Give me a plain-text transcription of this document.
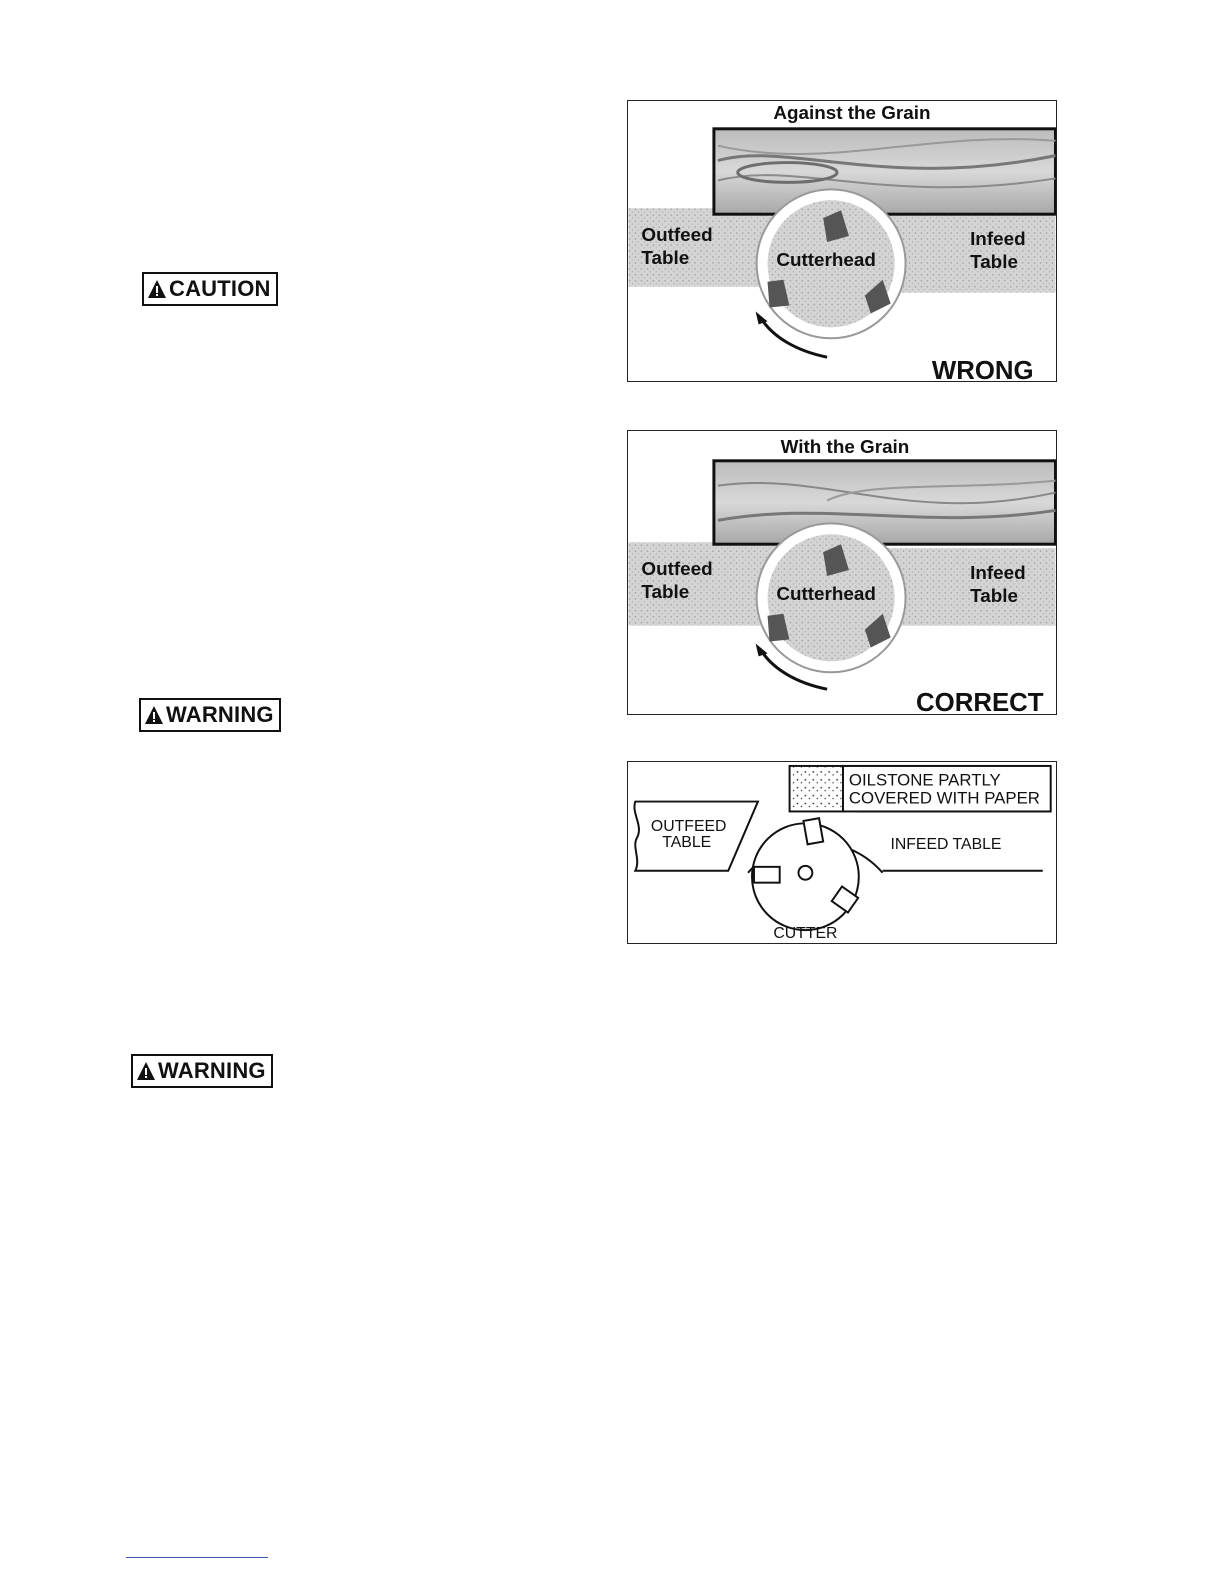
CAUTION
WARNING
WARNING
Against the Grain
Outfeed
Table
Infeed
Table
Cutterhead
WRONG
With the Grain
Outfeed
Table
Infeed
Table
Cutterhead
CORRECT
OILSTONE PARTLY
COVERED WITH PAPER
OUTFEED
TABLE	INFEED TABLE
CUTTER
